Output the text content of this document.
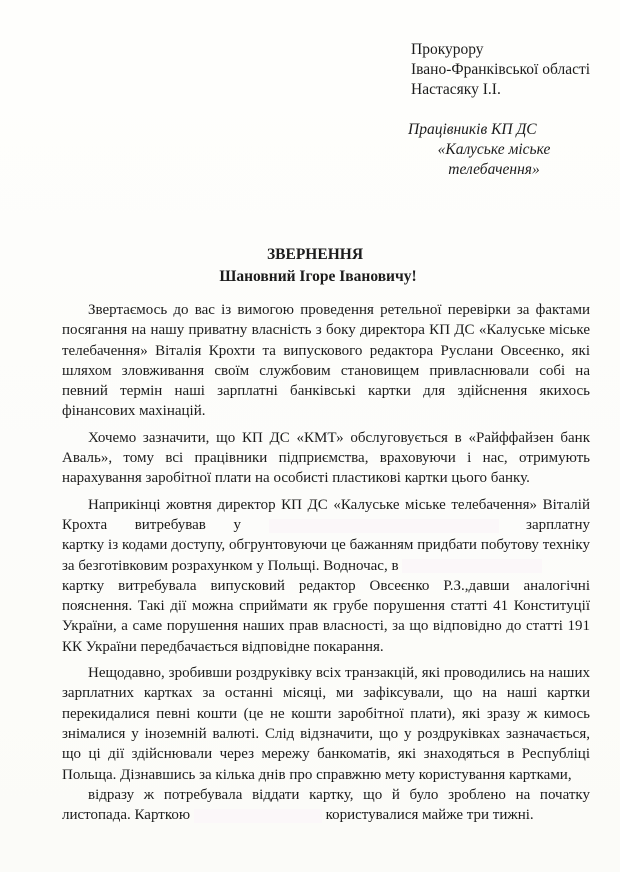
Прокурору
Івано-Франківської області
Настасяку І.І.
Працівників КП ДС
«Калуське міське телебачення»
ЗВЕРНЕННЯ
Шановний Ігоре Івановичу!

Звертаємось до вас із вимогою проведення ретельної перевірки за фактами посягання на нашу приватну власність з боку директора КП ДС «Калуське міське телебачення» Віталія Крохти та випускового редактора Руслани Овсеєнко, які шляхом зловживання своїм службовим становищем привласнювали собі на певний термін наші зарплатні банківські картки для здійснення якихось фінансових махінацій.

Хочемо зазначити, що КП ДС «КМТ» обслуговується в «Райффайзен банк Аваль», тому всі працівники підприємства, враховуючи і нас, отримують нарахування заробітної плати на особисті пластикові картки цього банку.

Наприкінці жовтня директор КП ДС «Калуське міське телебачення» Віталій
Крохта витребував у	зарплатну
картку із кодами доступу, обгрунтовуючи це бажанням придбати побутову техніку
за безготівковим розрахунком у Польщі. Водночас, в
картку витребувала випусковий редактор Овсеєнко Р.З.,давши аналогічні пояснення. Такі дії можна сприймати як грубе порушення статті 41 Конституції України, а саме порушення наших прав власності, за що відповідно до статті 191 КК України передбачається відповідне покарання.

Нещодавно, зробивши роздруківку всіх транзакцій, які проводились на наших зарплатних картках за останні місяці, ми зафіксували, що на наші картки перекидалися певні кошти (це не кошти заробітної плати), які зразу ж кимось знімалися у іноземній валюті. Слід відзначити, що у роздрукiвках зазначається, що ці дії здійснювали через мережу банкоматів, які знаходяться в Республіці Польща. Дізнавшись за кілька днів про справжню мету користування картками,

відразу ж потребувала віддати картку, що й було зроблено на початку
листопада. Карткою	користувалися майже три тижні.
